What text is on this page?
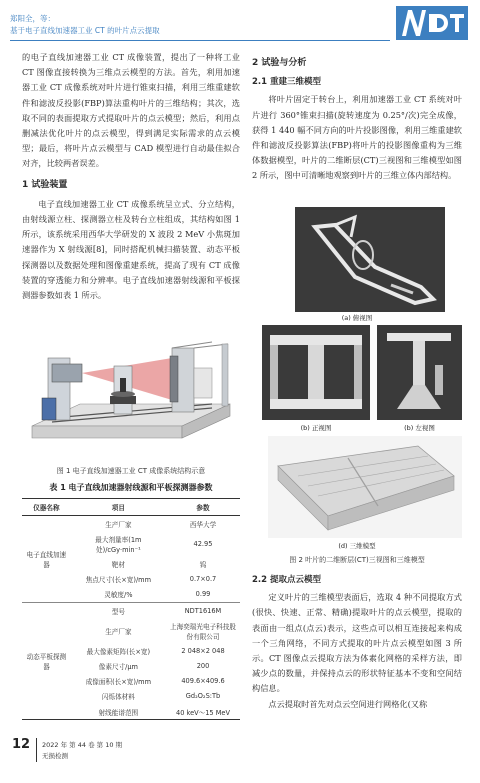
郑阳全，等：
基于电子直线加速器工业 CT 的叶片点云提取
NDT

的电子直线加速器工业 CT 成像装置，提出了一种将工业 CT 图像直接转换为三维点云模型的方法。首先，利用加速器工业 CT 成像系统对叶片进行锥束扫描，利用三维重建软件和滤波反投影(FBP)算法重构叶片的三维结构；其次，选取不同的表面提取方式提取叶片的点云模型；然后，利用点删减法优化叶片的点云模型，得到满足实际需求的点云模型；最后，将叶片点云模型与 CAD 模型进行自动最佳拟合对齐，比较两者误差。

1 试验装置

电子直线加速器工业 CT 成像系统呈立式、分立结构，由射线源立柱、探测器立柱及转台立柱组成，其结构如图 1 所示，该系统采用西华大学研发的 X 波段 2 MeV 小焦斑加速器作为 X 射线源[8]，同时搭配机械扫描装置、动态平板探测器以及数据处理和图像重建系统，提高了现有 CT 成像装置的穿透能力和分辨率。电子直线加速器射线源和平板探测器参数如表 1 所示。

图 1 电子直线加速器工业 CT 成像系统结构示意
表 1 电子直线加速器射线源和平板探测器参数
仪器名称	项目	参数
电子直线加速器	生产厂家	西华大学
	最大剂量率(1m 处)/cGy·min⁻¹	42.95
	靶材	钨
	焦点尺寸(长×宽)/mm	0.7×0.7
	灵敏度/%	0.99
动态平板探测器	型号	NDT1616M
	生产厂家	上海奕瑞光电子科技股份有限公司
	最大像素矩阵(长×宽)	2 048×2 048
	像素尺寸/μm	200
	成像面积(长×宽)/mm	409.6×409.6
	闪烁体材料	Gd₂O₂S:Tb
	射线能谱范围	40 keV～15 MeV
2 试验与分析
2.1 重建三维模型

将叶片固定于转台上，利用加速器工业 CT 系统对叶片进行 360°锥束扫描(旋转速度为 0.25°/次)完全成像，获得 1 440 幅不同方向的叶片投影图像，利用三维重建软件和滤波反投影算法(FBP)将叶片的投影图像重构为三维体数据模型，叶片的二维断层(CT)三视图和三维模型如图 2 所示，图中可清晰地观察到叶片的三维立体内部结构。

(a) 俯视图
(b) 正视图	(b) 左视图
(d) 三维模型
图 2 叶片的二维断层(CT)三视图和三维模型
2.2 提取点云模型

定义叶片的三维模型表面后，选取 4 种不同提取方式(很快、快速、正常、精确)提取叶片的点云模型，提取的表面由一组点(点云)表示，这些点可以相互连接起来构成一个三角网络，不同方式提取的叶片点云模型如图 3 所示。CT 图像点云提取方法为体素化网格的采样方法，即减少点的数量，并保持点云的形状特征基本不变和空间结构信息。

点云提取时首先对点云空间进行网格化(又称

12 2022 年 第 44 卷 第 10 期
无损检测
